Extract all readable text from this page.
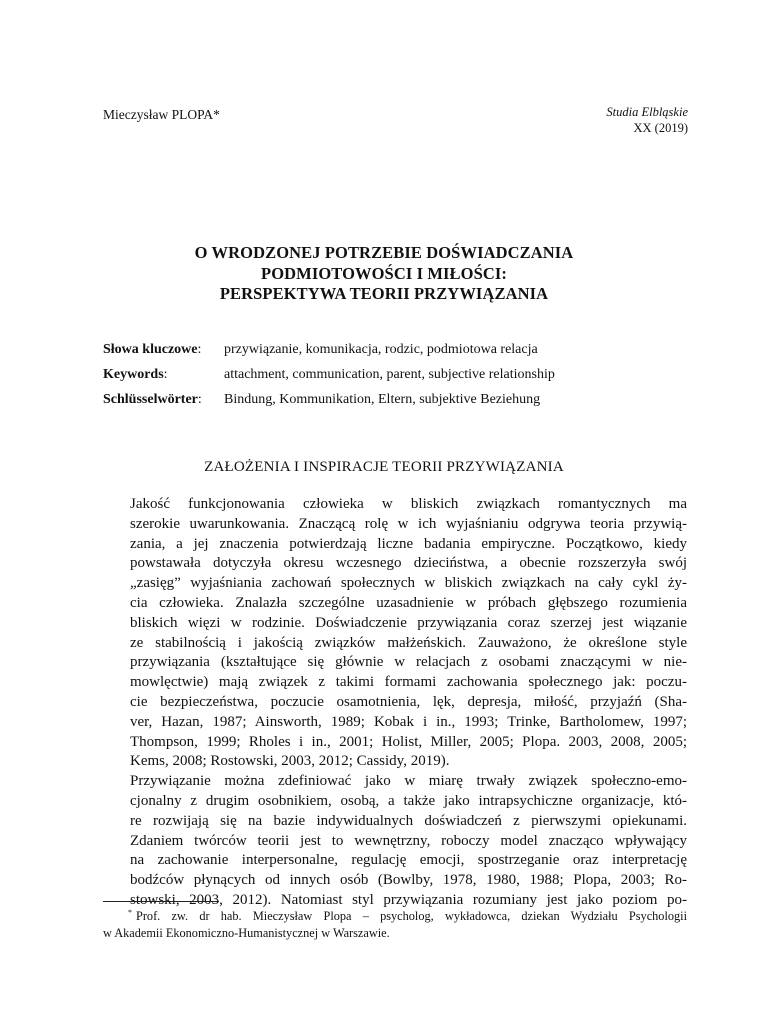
Mieczysław PLOPA*	Studia Elbląskie
XX (2019)
O WRODZONEJ POTRZEBIE DOŚWIADCZANIA
PODMIOTOWOŚCI I MIŁOŚCI:
PERSPEKTYWA TEORII PRZYWIĄZANIA
Słowa kluczowe:	przywiązanie, komunikacja, rodzic, podmiotowa relacja
Keywords:	attachment, communication, parent, subjective relationship
Schlüsselwörter:	Bindung, Kommunikation, Eltern, subjektive Beziehung
ZAŁOŻENIA I INSPIRACJE TEORII PRZYWIĄZANIA
Jakość funkcjonowania człowieka w bliskich związkach romantycznych ma
szerokie uwarunkowania. Znaczącą rolę w ich wyjaśnianiu odgrywa teoria przywią-
zania, a jej znaczenia potwierdzają liczne badania empiryczne. Początkowo, kiedy
powstawała dotyczyła okresu wczesnego dzieciństwa, a obecnie rozszerzyła swój
„zasięg” wyjaśniania zachowań społecznych w bliskich związkach na cały cykl ży-
cia człowieka. Znalazła szczególne uzasadnienie w próbach głębszego rozumienia
bliskich więzi w rodzinie. Doświadczenie przywiązania coraz szerzej jest wiązanie
ze stabilnością i jakością związków małżeńskich. Zauważono, że określone style
przywiązania (kształtujące się głównie w relacjach z osobami znaczącymi w nie-
mowlęctwie) mają związek z takimi formami zachowania społecznego jak: poczu-
cie bezpieczeństwa, poczucie osamotnienia, lęk, depresja, miłość, przyjaźń (Sha-
ver, Hazan, 1987; Ainsworth, 1989; Kobak i in., 1993; Trinke, Bartholomew, 1997;
Thompson, 1999; Rholes i in., 2001; Holist, Miller, 2005; Plopa. 2003, 2008, 2005;
Kems, 2008; Rostowski, 2003, 2012; Cassidy, 2019).
Przywiązanie można zdefiniować jako w miarę trwały związek społeczno-emo-
cjonalny z drugim osobnikiem, osobą, a także jako intrapsychiczne organizacje, któ-
re rozwijają się na bazie indywidualnych doświadczeń z pierwszymi opiekunami.
Zdaniem twórców teorii jest to wewnętrzny, roboczy model znacząco wpływający
na zachowanie interpersonalne, regulację emocji, spostrzeganie oraz interpretację
bodźców płynących od innych osób (Bowlby, 1978, 1980, 1988; Plopa, 2003; Ro-
stowski, 2003, 2012). Natomiast styl przywiązania rozumiany jest jako poziom po-
* Prof. zw. dr hab. Mieczysław Plopa – psycholog, wykładowca, dziekan Wydziału Psychologii
w Akademii Ekonomiczno-Humanistycznej w Warszawie.
